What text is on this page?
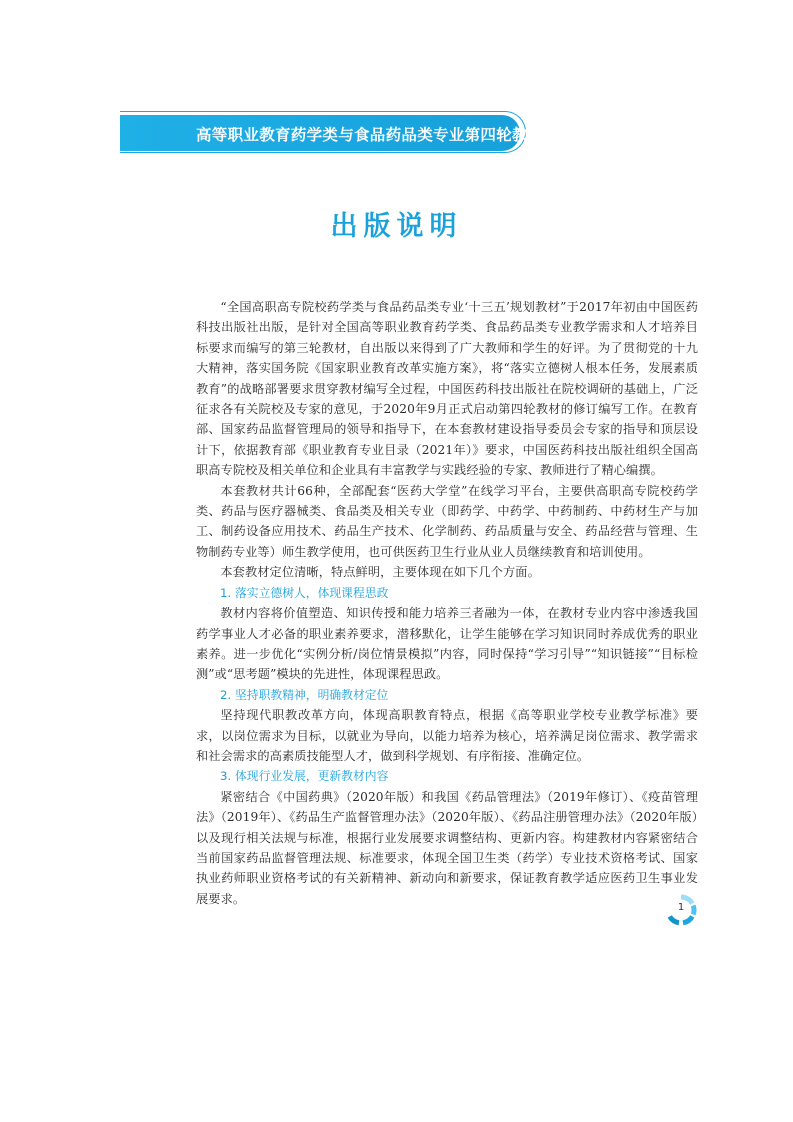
高等职业教育药学类与食品药品类专业第四轮教材
出版说明

“全国高职高专院校药学类与食品药品类专业‘十三五’规划教材”于2017年初由中国医药科技出版社出版，是针对全国高等职业教育药学类、食品药品类专业教学需求和人才培养目标要求而编写的第三轮教材，自出版以来得到了广大教师和学生的好评。为了贯彻党的十九大精神，落实国务院《国家职业教育改革实施方案》，将“落实立德树人根本任务，发展素质教育”的战略部署要求贯穿教材编写全过程，中国医药科技出版社在院校调研的基础上，广泛征求各有关院校及专家的意见，于2020年9月正式启动第四轮教材的修订编写工作。在教育部、国家药品监督管理局的领导和指导下，在本套教材建设指导委员会专家的指导和顶层设计下，依据教育部《职业教育专业目录（2021年）》要求，中国医药科技出版社组织全国高职高专院校及相关单位和企业具有丰富教学与实践经验的专家、教师进行了精心编撰。

本套教材共计66种，全部配套“医药大学堂”在线学习平台，主要供高职高专院校药学类、药品与医疗器械类、食品类及相关专业（即药学、中药学、中药制药、中药材生产与加工、制药设备应用技术、药品生产技术、化学制药、药品质量与安全、药品经营与管理、生物制药专业等）师生教学使用，也可供医药卫生行业从业人员继续教育和培训使用。

本套教材定位清晰，特点鲜明，主要体现在如下几个方面。

1. 落实立德树人，体现课程思政

教材内容将价值塑造、知识传授和能力培养三者融为一体，在教材专业内容中渗透我国药学事业人才必备的职业素养要求，潜移默化，让学生能够在学习知识同时养成优秀的职业素养。进一步优化“实例分析/岗位情景模拟”内容，同时保持“学习引导”“知识链接”“目标检测”或“思考题”模块的先进性，体现课程思政。

2. 坚持职教精神，明确教材定位

坚持现代职教改革方向，体现高职教育特点，根据《高等职业学校专业教学标准》要求，以岗位需求为目标，以就业为导向，以能力培养为核心，培养满足岗位需求、教学需求和社会需求的高素质技能型人才，做到科学规划、有序衔接、准确定位。

3. 体现行业发展，更新教材内容

紧密结合《中国药典》（2020年版）和我国《药品管理法》（2019年修订）、《疫苗管理法》（2019年）、《药品生产监督管理办法》（2020年版）、《药品注册管理办法》（2020年版）以及现行相关法规与标准，根据行业发展要求调整结构、更新内容。构建教材内容紧密结合当前国家药品监督管理法规、标准要求，体现全国卫生类（药学）专业技术资格考试、国家执业药师职业资格考试的有关新精神、新动向和新要求，保证教育教学适应医药卫生事业发展要求。

1
